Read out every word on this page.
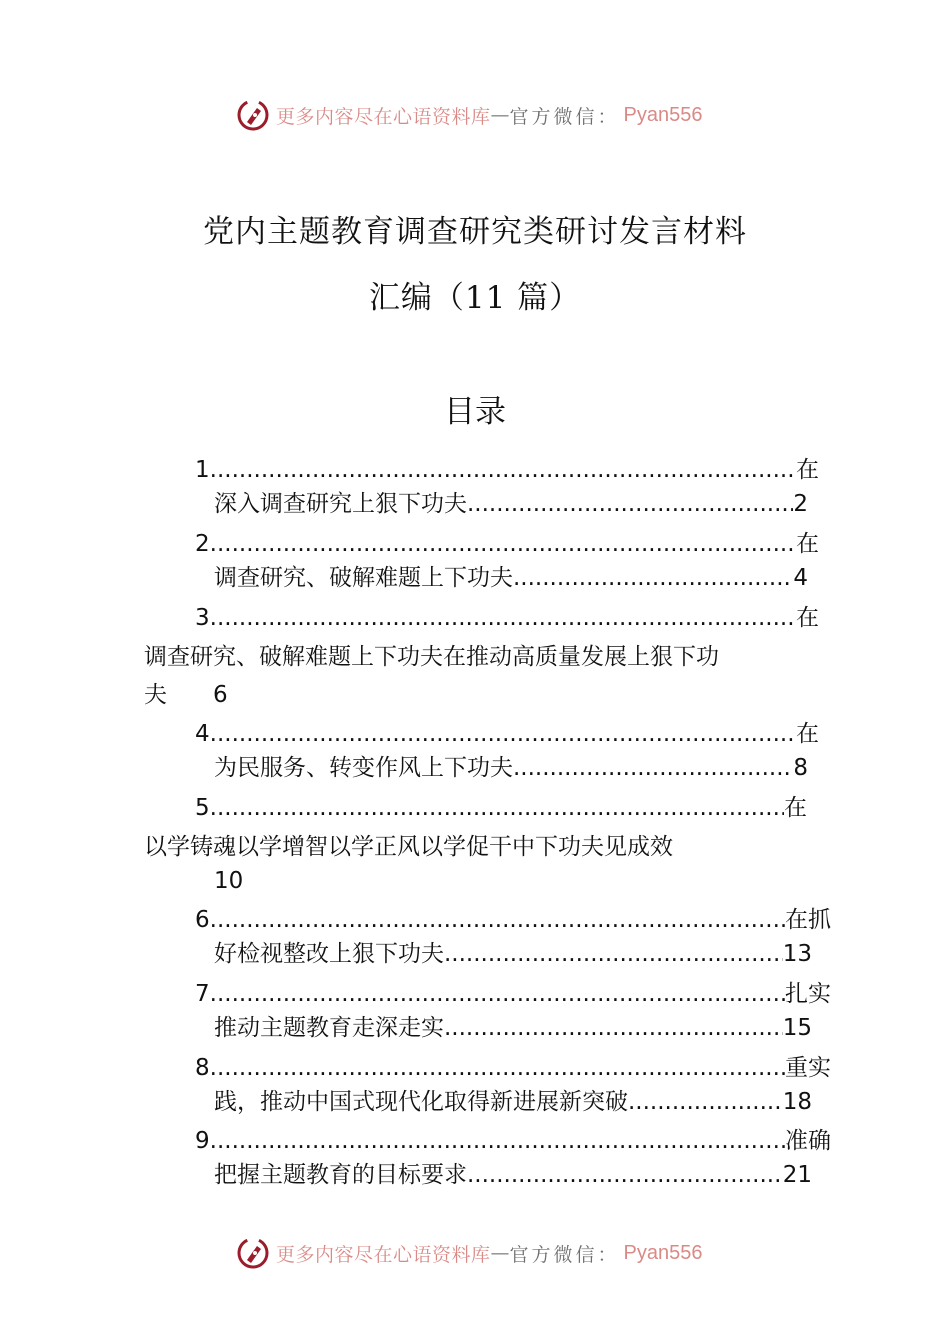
更多内容尽在心语资料库 — 官方微信： Pyan556
党内主题教育调查研究类研讨发言材料
汇编（11 篇）
目录
1 .....	在
深入调查研究上狠下功夫 .....	2
2 .....	在
调查研究、破解难题上下功夫 .....	4
3 .....	在
调查研究、破解难题上下功夫在推动高质量发展上狠下功
夫 6
4 .....	在
为民服务、转变作风上下功夫 .....	8
5 .....	在
以学铸魂以学增智以学正风以学促干中下功夫见成效
10
6 .....	在抓
好检视整改上狠下功夫 .....	13
7 .....	扎实
推动主题教育走深走实 .....	15
8 .....	重实
践，推动中国式现代化取得新进展新突破 .....	18
9 .....	准确
把握主题教育的目标要求 .....	21
更多内容尽在心语资料库 — 官方微信： Pyan556
